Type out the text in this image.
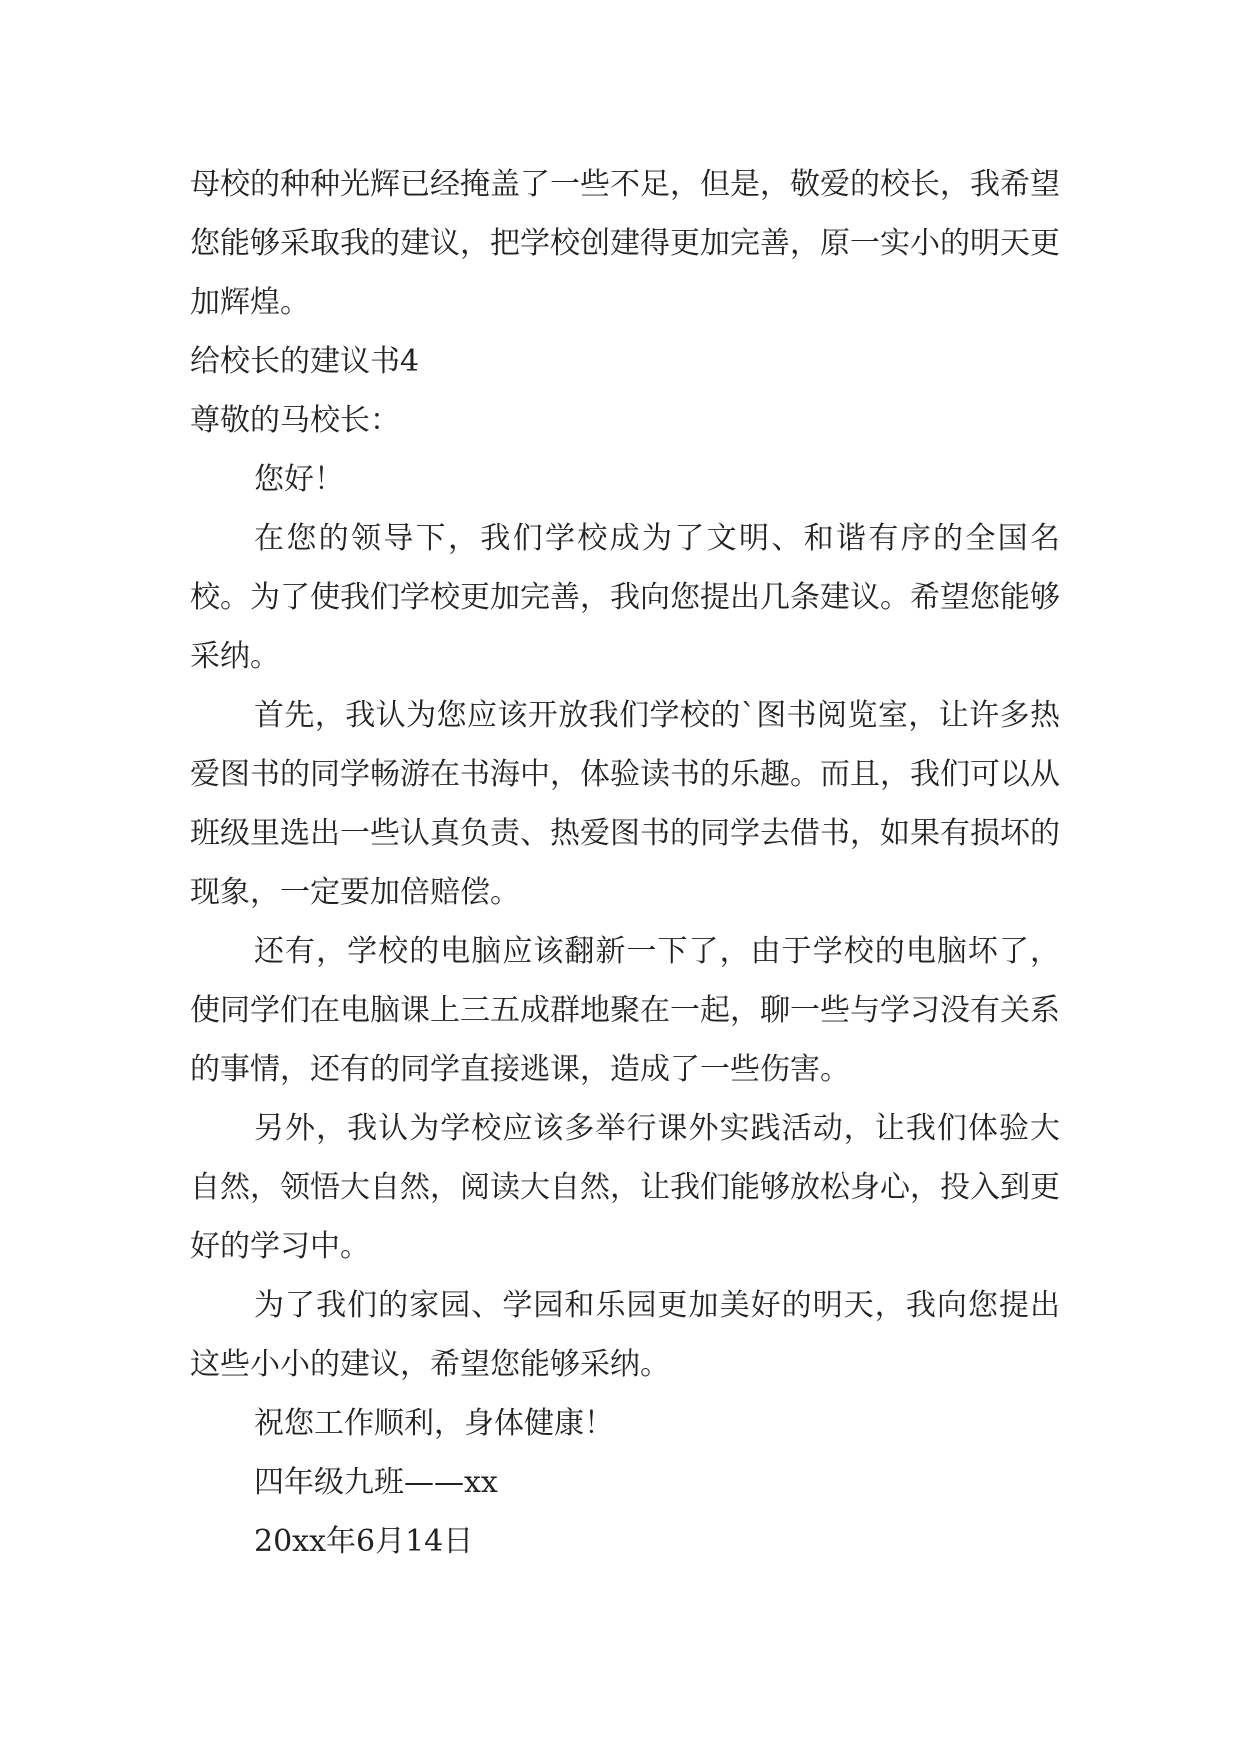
母校的种种光辉已经掩盖了一些不足，但是，敬爱的校长，我希望您能够采取我的建议，把学校创建得更加完善，原一实小的明天更加辉煌。

给校长的建议书4

尊敬的马校长：

您好！

在您的领导下，我们学校成为了文明、和谐有序的全国名校。为了使我们学校更加完善，我向您提出几条建议。希望您能够采纳。

首先，我认为您应该开放我们学校的`图书阅览室，让许多热爱图书的同学畅游在书海中，体验读书的乐趣。而且，我们可以从班级里选出一些认真负责、热爱图书的同学去借书，如果有损坏的现象，一定要加倍赔偿。

还有，学校的电脑应该翻新一下了，由于学校的电脑坏了，使同学们在电脑课上三五成群地聚在一起，聊一些与学习没有关系的事情，还有的同学直接逃课，造成了一些伤害。

另外，我认为学校应该多举行课外实践活动，让我们体验大自然，领悟大自然，阅读大自然，让我们能够放松身心，投入到更好的学习中。

为了我们的家园、学园和乐园更加美好的明天，我向您提出这些小小的建议，希望您能够采纳。

祝您工作顺利，身体健康！

四年级九班——xx

20xx年6月14日
